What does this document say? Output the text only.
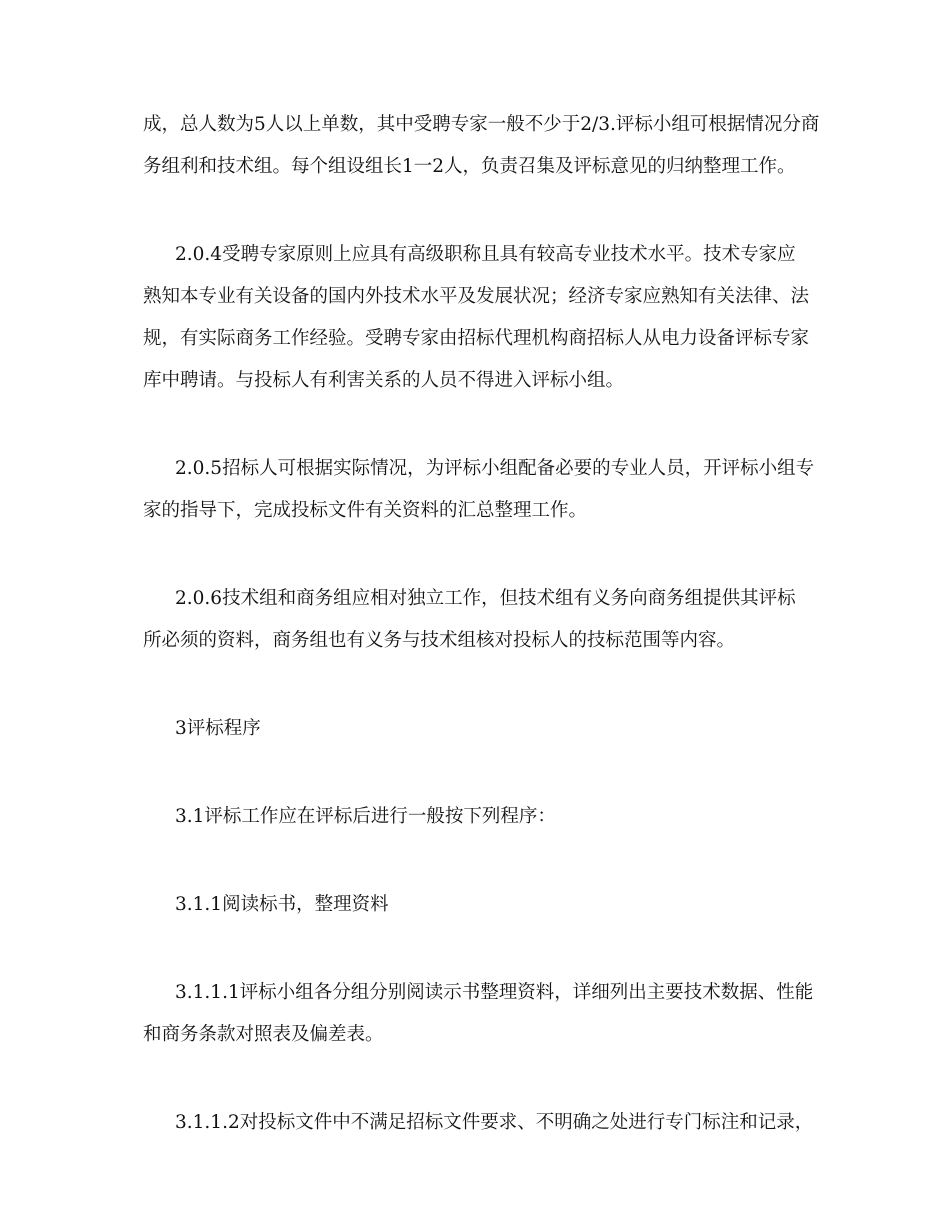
成，总人数为5人以上单数，其中受聘专家一般不少于2/3.评标小组可根据情况分商
务组利和技术组。每个组设组长1一2人，负责召集及评标意见的归纳整理工作。
2.0.4受聘专家原则上应具有高级职称且具有较高专业技术水平。技术专家应
熟知本专业有关设备的国内外技术水平及发展状况；经济专家应熟知有关法律、法
规，有实际商务工作经验。受聘专家由招标代理机构商招标人从电力设备评标专家
库中聘请。与投标人有利害关系的人员不得进入评标小组。
2.0.5招标人可根据实际情况，为评标小组配备必要的专业人员，开评标小组专
家的指导下，完成投标文件有关资料的汇总整理工作。
2.0.6技术组和商务组应相对独立工作，但技术组有义务向商务组提供其评标
所必须的资料，商务组也有义务与技术组核对投标人的技标范围等内容。
3评标程序
3.1评标工作应在评标后进行一般按下列程序：
3.1.1阅读标书，整理资料
3.1.1.1评标小组各分组分别阅读示书整理资料，详细列出主要技术数据、性能
和商务条款对照表及偏差表。
3.1.1.2对投标文件中不满足招标文件要求、不明确之处进行专门标注和记录，
